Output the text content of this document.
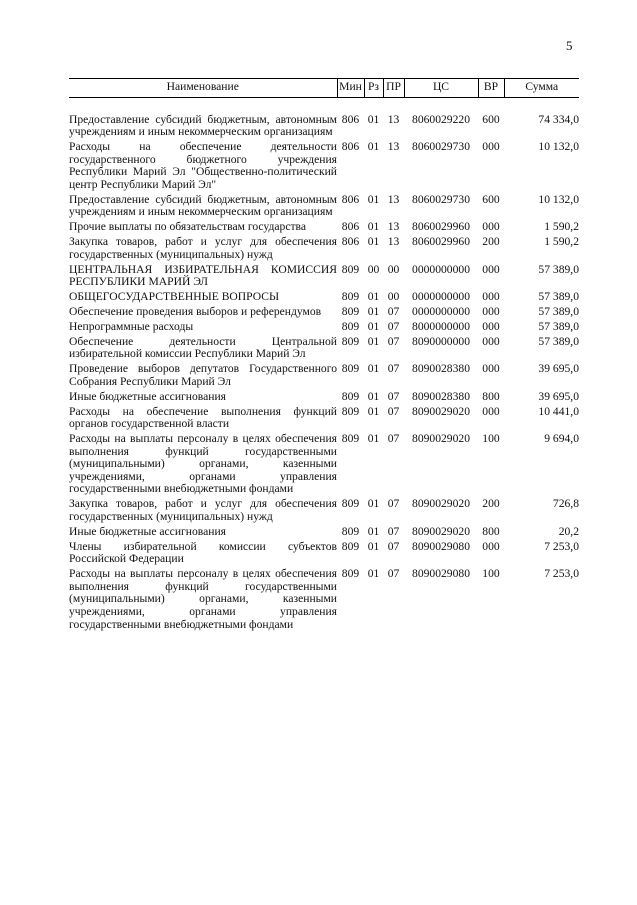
5
Наименование	Мин	Рз	ПР	ЦС	ВР	Сумма
Предоставление субсидий бюджетным, автономным учреждениям и иным некоммерческим организациям	806	01	13	8060029220	600	74 334,0
Расходы на обеспечение деятельности государственного бюджетного учреждения Республики Марий Эл "Общественно-политический центр Республики Марий Эл"	806	01	13	8060029730	000	10 132,0
Предоставление субсидий бюджетным, автономным учреждениям и иным некоммерческим организациям	806	01	13	8060029730	600	10 132,0
Прочие выплаты по обязательствам государства	806	01	13	8060029960	000	1 590,2
Закупка товаров, работ и услуг для обеспечения государственных (муниципальных) нужд	806	01	13	8060029960	200	1 590,2
ЦЕНТРАЛЬНАЯ ИЗБИРАТЕЛЬНАЯ КОМИССИЯ РЕСПУБЛИКИ МАРИЙ ЭЛ	809	00	00	0000000000	000	57 389,0
ОБЩЕГОСУДАРСТВЕННЫЕ ВОПРОСЫ	809	01	00	0000000000	000	57 389,0
Обеспечение проведения выборов и референдумов	809	01	07	0000000000	000	57 389,0
Непрограммные расходы	809	01	07	8000000000	000	57 389,0
Обеспечение деятельности Центральной избирательной комиссии Республики Марий Эл	809	01	07	8090000000	000	57 389,0
Проведение выборов депутатов Государственного Собрания Республики Марий Эл	809	01	07	8090028380	000	39 695,0
Иные бюджетные ассигнования	809	01	07	8090028380	800	39 695,0
Расходы на обеспечение выполнения функций органов государственной власти	809	01	07	8090029020	000	10 441,0
Расходы на выплаты персоналу в целях обеспечения выполнения функций государственными (муниципальными) органами, казенными учреждениями, органами управления государственными внебюджетными фондами	809	01	07	8090029020	100	9 694,0
Закупка товаров, работ и услуг для обеспечения государственных (муниципальных) нужд	809	01	07	8090029020	200	726,8
Иные бюджетные ассигнования	809	01	07	8090029020	800	20,2
Члены избирательной комиссии субъектов Российской Федерации	809	01	07	8090029080	000	7 253,0
Расходы на выплаты персоналу в целях обеспечения выполнения функций государственными (муниципальными) органами, казенными учреждениями, органами управления государственными внебюджетными фондами	809	01	07	8090029080	100	7 253,0
